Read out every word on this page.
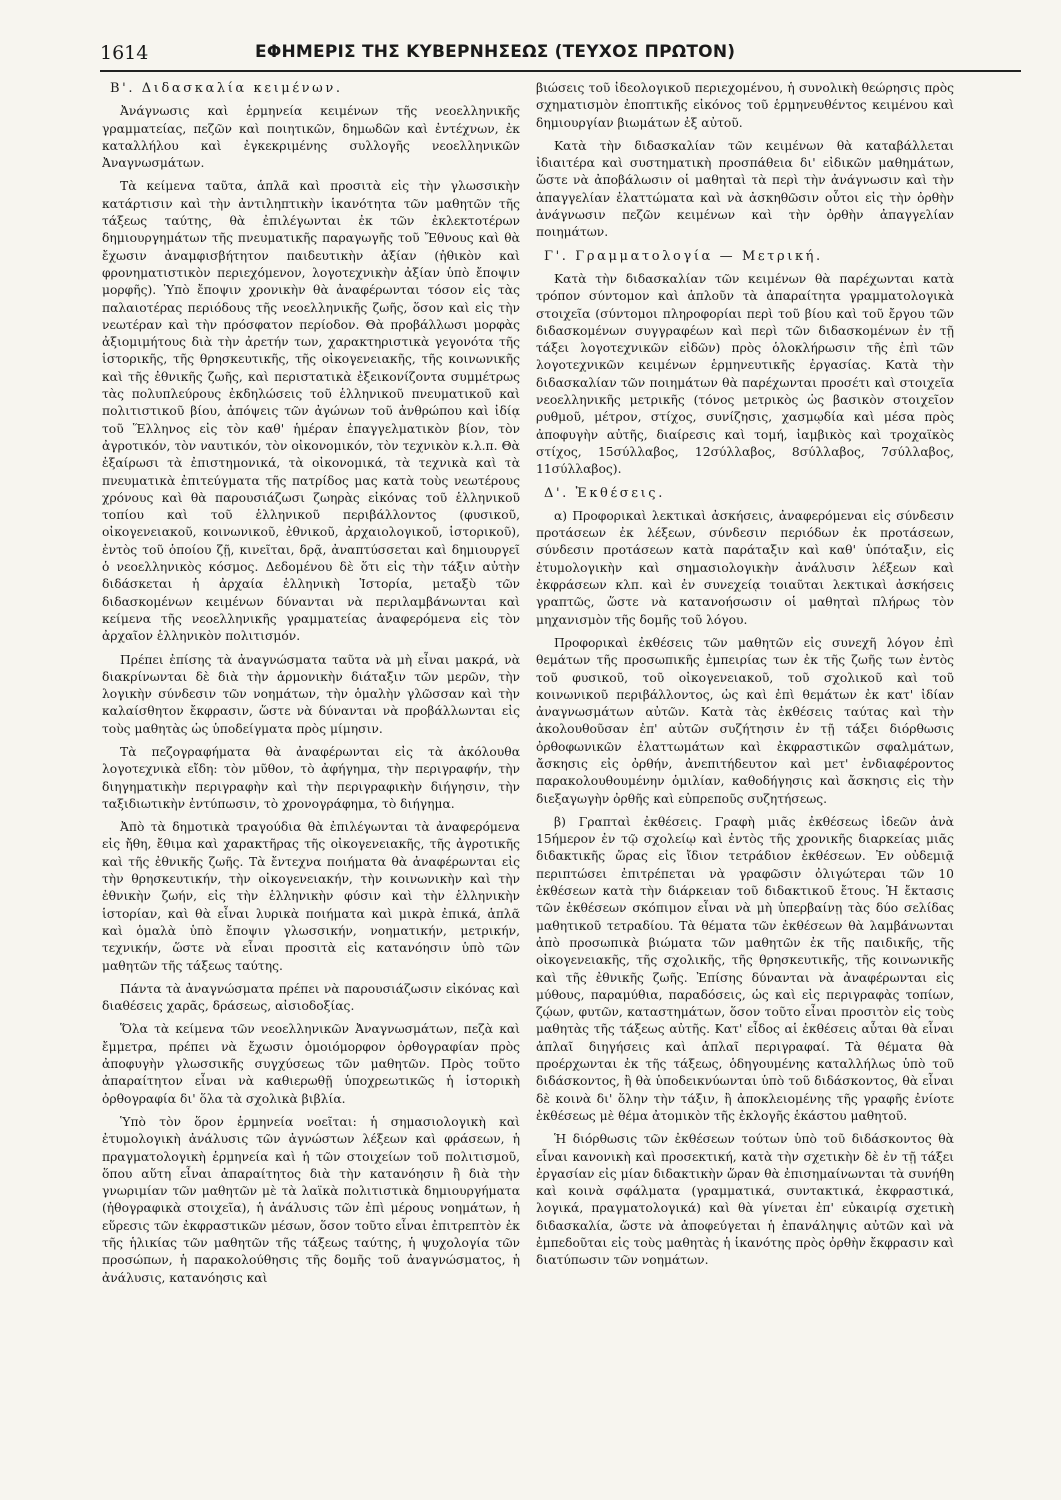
1614	ΕΦΗΜΕΡΙΣ ΤΗΣ ΚΥΒΕΡΝΗΣΕΩΣ (ΤΕΥΧΟΣ ΠΡΩΤΟΝ)
Β'. Διδασκαλία κειμένων.

Ἀνάγνωσις καὶ ἑρμηνεία κειμένων τῆς νεοελληνικῆς γραμματείας, πεζῶν καὶ ποιητικῶν, δημωδῶν καὶ ἐντέχνων, ἐκ καταλλήλου καὶ ἐγκεκριμένης συλλογῆς νεοελληνικῶν Ἀναγνωσμάτων.

Τὰ κείμενα ταῦτα, ἁπλᾶ καὶ προσιτὰ εἰς τὴν γλωσσικὴν κατάρτισιν καὶ τὴν ἀντιληπτικὴν ἱκανότητα τῶν μαθητῶν τῆς τάξεως ταύτης, θὰ ἐπιλέγωνται ἐκ τῶν ἐκλεκτοτέρων δημιουργημάτων τῆς πνευματικῆς παραγωγῆς τοῦ Ἔθνους καὶ θὰ ἔχωσιν ἀναμφισβήτητον παιδευτικὴν ἀξίαν (ἠθικὸν καὶ φρονηματιστικὸν περιεχόμενον, λογοτεχνικὴν ἀξίαν ὑπὸ ἔποψιν μορφῆς). Ὑπὸ ἔποψιν χρονικὴν θὰ ἀναφέρωνται τόσον εἰς τὰς παλαιοτέρας περιόδους τῆς νεοελληνικῆς ζωῆς, ὅσον καὶ εἰς τὴν νεωτέραν καὶ τὴν πρόσφατον περίοδον. Θὰ προβάλλωσι μορφὰς ἀξιομιμήτους διὰ τὴν ἀρετήν των, χαρακτηριστικὰ γεγονότα τῆς ἱστορικῆς, τῆς θρησκευτικῆς, τῆς οἰκογενειακῆς, τῆς κοινωνικῆς καὶ τῆς ἐθνικῆς ζωῆς, καὶ περιστατικὰ ἐξεικονίζοντα συμμέτρως τὰς πολυπλεύρους ἐκδηλώσεις τοῦ ἑλληνικοῦ πνευματικοῦ καὶ πολιτιστικοῦ βίου, ἀπόψεις τῶν ἀγώνων τοῦ ἀνθρώπου καὶ ἰδίᾳ τοῦ Ἕλληνος εἰς τὸν καθ' ἡμέραν ἐπαγγελματικὸν βίον, τὸν ἀγροτικόν, τὸν ναυτικόν, τὸν οἰκονομικόν, τὸν τεχνικὸν κ.λ.π. Θὰ ἐξαίρωσι τὰ ἐπιστημονικά, τὰ οἰκονομικά, τὰ τεχνικὰ καὶ τὰ πνευματικὰ ἐπιτεύγματα τῆς πατρίδος μας κατὰ τοὺς νεωτέρους χρόνους καὶ θὰ παρουσιάζωσι ζωηρὰς εἰκόνας τοῦ ἑλληνικοῦ τοπίου καὶ τοῦ ἑλληνικοῦ περιβάλλοντος (φυσικοῦ, οἰκογενειακοῦ, κοινωνικοῦ, ἐθνικοῦ, ἀρχαιολογικοῦ, ἱστορικοῦ), ἐντὸς τοῦ ὁποίου ζῇ, κινεῖται, δρᾷ, ἀναπτύσσεται καὶ δημιουργεῖ ὁ νεοελληνικὸς κόσμος. Δεδομένου δὲ ὅτι εἰς τὴν τάξιν αὐτὴν διδάσκεται ἡ ἀρχαία ἑλληνικὴ Ἱστορία, μεταξὺ τῶν διδασκομένων κειμένων δύνανται νὰ περιλαμβάνωνται καὶ κείμενα τῆς νεοελληνικῆς γραμματείας ἀναφερόμενα εἰς τὸν ἀρχαῖον ἑλληνικὸν πολιτισμόν.

Πρέπει ἐπίσης τὰ ἀναγνώσματα ταῦτα νὰ μὴ εἶναι μακρά, νὰ διακρίνωνται δὲ διὰ τὴν ἁρμονικὴν διάταξιν τῶν μερῶν, τὴν λογικὴν σύνδεσιν τῶν νοημάτων, τὴν ὁμαλὴν γλῶσσαν καὶ τὴν καλαίσθητον ἔκφρασιν, ὥστε νὰ δύνανται νὰ προβάλλωνται εἰς τοὺς μαθητὰς ὡς ὑποδείγματα πρὸς μίμησιν.

Τὰ πεζογραφήματα θὰ ἀναφέρωνται εἰς τὰ ἀκόλουθα λογοτεχνικὰ εἴδη: τὸν μῦθον, τὸ ἀφήγημα, τὴν περιγραφήν, τὴν διηγηματικὴν περιγραφὴν καὶ τὴν περιγραφικὴν διήγησιν, τὴν ταξιδιωτικὴν ἐντύπωσιν, τὸ χρονογράφημα, τὸ διήγημα.

Ἀπὸ τὰ δημοτικὰ τραγούδια θὰ ἐπιλέγωνται τὰ ἀναφερόμενα εἰς ἤθη, ἔθιμα καὶ χαρακτῆρας τῆς οἰκογενειακῆς, τῆς ἀγροτικῆς καὶ τῆς ἐθνικῆς ζωῆς. Τὰ ἔντεχνα ποιήματα θὰ ἀναφέρωνται εἰς τὴν θρησκευτικήν, τὴν οἰκογενειακήν, τὴν κοινωνικὴν καὶ τὴν ἐθνικὴν ζωήν, εἰς τὴν ἑλληνικὴν φύσιν καὶ τὴν ἑλληνικὴν ἱστορίαν, καὶ θὰ εἶναι λυρικὰ ποιήματα καὶ μικρὰ ἐπικά, ἁπλᾶ καὶ ὁμαλὰ ὑπὸ ἔποψιν γλωσσικήν, νοηματικήν, μετρικήν, τεχνικήν, ὥστε νὰ εἶναι προσιτὰ εἰς κατανόησιν ὑπὸ τῶν μαθητῶν τῆς τάξεως ταύτης.

Πάντα τὰ ἀναγνώσματα πρέπει νὰ παρουσιάζωσιν εἰκόνας καὶ διαθέσεις χαρᾶς, δράσεως, αἰσιοδοξίας.

Ὅλα τὰ κείμενα τῶν νεοελληνικῶν Ἀναγνωσμάτων, πεζὰ καὶ ἔμμετρα, πρέπει νὰ ἔχωσιν ὁμοιόμορφον ὀρθογραφίαν πρὸς ἀποφυγὴν γλωσσικῆς συγχύσεως τῶν μαθητῶν. Πρὸς τοῦτο ἀπαραίτητον εἶναι νὰ καθιερωθῇ ὑποχρεωτικῶς ἡ ἱστορικὴ ὀρθογραφία δι' ὅλα τὰ σχολικὰ βιβλία.

Ὑπὸ τὸν ὅρον ἑρμηνεία νοεῖται: ἡ σημασιολογικὴ καὶ ἐτυμολογικὴ ἀνάλυσις τῶν ἀγνώστων λέξεων καὶ φράσεων, ἡ πραγματολογικὴ ἑρμηνεία καὶ ἡ τῶν στοιχείων τοῦ πολιτισμοῦ, ὅπου αὕτη εἶναι ἀπαραίτητος διὰ τὴν κατανόησιν ἢ διὰ τὴν γνωριμίαν τῶν μαθητῶν μὲ τὰ λαϊκὰ πολιτιστικὰ δημιουργήματα (ἠθογραφικὰ στοιχεῖα), ἡ ἀνάλυσις τῶν ἐπὶ μέρους νοημάτων, ἡ εὕρεσις τῶν ἐκφραστικῶν μέσων, ὅσον τοῦτο εἶναι ἐπιτρεπτὸν ἐκ τῆς ἡλικίας τῶν μαθητῶν τῆς τάξεως ταύτης, ἡ ψυχολογία τῶν προσώπων, ἡ παρακολούθησις τῆς δομῆς τοῦ ἀναγνώσματος, ἡ ἀνάλυσις, κατανόησις καὶ

βιώσεις τοῦ ἰδεολογικοῦ περιεχομένου, ἡ συνολικὴ θεώρησις πρὸς σχηματισμὸν ἐποπτικῆς εἰκόνος τοῦ ἑρμηνευθέντος κειμένου καὶ δημιουργίαν βιωμάτων ἐξ αὐτοῦ.

Κατὰ τὴν διδασκαλίαν τῶν κειμένων θὰ καταβάλλεται ἰδιαιτέρα καὶ συστηματικὴ προσπάθεια δι' εἰδικῶν μαθημάτων, ὥστε νὰ ἀποβάλωσιν οἱ μαθηταὶ τὰ περὶ τὴν ἀνάγνωσιν καὶ τὴν ἀπαγγελίαν ἐλαττώματα καὶ νὰ ἀσκηθῶσιν οὗτοι εἰς τὴν ὀρθὴν ἀνάγνωσιν πεζῶν κειμένων καὶ τὴν ὀρθὴν ἀπαγγελίαν ποιημάτων.

Γ'. Γραμματολογία — Μετρική.

Κατὰ τὴν διδασκαλίαν τῶν κειμένων θὰ παρέχωνται κατὰ τρόπον σύντομον καὶ ἁπλοῦν τὰ ἀπαραίτητα γραμματολογικὰ στοιχεῖα (σύντομοι πληροφορίαι περὶ τοῦ βίου καὶ τοῦ ἔργου τῶν διδασκομένων συγγραφέων καὶ περὶ τῶν διδασκομένων ἐν τῇ τάξει λογοτεχνικῶν εἰδῶν) πρὸς ὁλοκλήρωσιν τῆς ἐπὶ τῶν λογοτεχνικῶν κειμένων ἑρμηνευτικῆς ἐργασίας. Κατὰ τὴν διδασκαλίαν τῶν ποιημάτων θὰ παρέχωνται προσέτι καὶ στοιχεῖα νεοελληνικῆς μετρικῆς (τόνος μετρικὸς ὡς βασικὸν στοιχεῖον ρυθμοῦ, μέτρον, στίχος, συνίζησις, χασμῳδία καὶ μέσα πρὸς ἀποφυγὴν αὐτῆς, διαίρεσις καὶ τομή, ἰαμβικὸς καὶ τροχαϊκὸς στίχος, 15σύλλαβος, 12σύλλαβος, 8σύλλαβος, 7σύλλαβος, 11σύλλαβος).

Δ'. Ἐκθέσεις.

α) Προφορικαὶ λεκτικαὶ ἀσκήσεις, ἀναφερόμεναι εἰς σύνδεσιν προτάσεων ἐκ λέξεων, σύνδεσιν περιόδων ἐκ προτάσεων, σύνδεσιν προτάσεων κατὰ παράταξιν καὶ καθ' ὑπόταξιν, εἰς ἐτυμολογικὴν καὶ σημασιολογικὴν ἀνάλυσιν λέξεων καὶ ἐκφράσεων κλπ. καὶ ἐν συνεχείᾳ τοιαῦται λεκτικαὶ ἀσκήσεις γραπτῶς, ὥστε νὰ κατανοήσωσιν οἱ μαθηταὶ πλήρως τὸν μηχανισμὸν τῆς δομῆς τοῦ λόγου.

Προφορικαὶ ἐκθέσεις τῶν μαθητῶν εἰς συνεχῆ λόγον ἐπὶ θεμάτων τῆς προσωπικῆς ἐμπειρίας των ἐκ τῆς ζωῆς των ἐντὸς τοῦ φυσικοῦ, τοῦ οἰκογενειακοῦ, τοῦ σχολικοῦ καὶ τοῦ κοινωνικοῦ περιβάλλοντος, ὡς καὶ ἐπὶ θεμάτων ἐκ κατ' ἰδίαν ἀναγνωσμάτων αὐτῶν. Κατὰ τὰς ἐκθέσεις ταύτας καὶ τὴν ἀκολουθοῦσαν ἐπ' αὐτῶν συζήτησιν ἐν τῇ τάξει διόρθωσις ὀρθοφωνικῶν ἐλαττωμάτων καὶ ἐκφραστικῶν σφαλμάτων, ἄσκησις εἰς ὀρθήν, ἀνεπιτήδευτον καὶ μετ' ἐνδιαφέροντος παρακολουθουμένην ὁμιλίαν, καθοδήγησις καὶ ἄσκησις εἰς τὴν διεξαγωγὴν ὀρθῆς καὶ εὐπρεποῦς συζητήσεως.

β) Γραπταὶ ἐκθέσεις. Γραφὴ μιᾶς ἐκθέσεως ἰδεῶν ἀνὰ 15ήμερον ἐν τῷ σχολείῳ καὶ ἐντὸς τῆς χρονικῆς διαρκείας μιᾶς διδακτικῆς ὥρας εἰς ἴδιον τετράδιον ἐκθέσεων. Ἐν οὐδεμιᾷ περιπτώσει ἐπιτρέπεται νὰ γραφῶσιν ὀλιγώτεραι τῶν 10 ἐκθέσεων κατὰ τὴν διάρκειαν τοῦ διδακτικοῦ ἔτους. Ἡ ἔκτασις τῶν ἐκθέσεων σκόπιμον εἶναι νὰ μὴ ὑπερβαίνῃ τὰς δύο σελίδας μαθητικοῦ τετραδίου. Τὰ θέματα τῶν ἐκθέσεων θὰ λαμβάνωνται ἀπὸ προσωπικὰ βιώματα τῶν μαθητῶν ἐκ τῆς παιδικῆς, τῆς οἰκογενειακῆς, τῆς σχολικῆς, τῆς θρησκευτικῆς, τῆς κοινωνικῆς καὶ τῆς ἐθνικῆς ζωῆς. Ἐπίσης δύνανται νὰ ἀναφέρωνται εἰς μύθους, παραμύθια, παραδόσεις, ὡς καὶ εἰς περιγραφὰς τοπίων, ζῴων, φυτῶν, καταστημάτων, ὅσον τοῦτο εἶναι προσιτὸν εἰς τοὺς μαθητὰς τῆς τάξεως αὐτῆς. Κατ' εἶδος αἱ ἐκθέσεις αὗται θὰ εἶναι ἁπλαῖ διηγήσεις καὶ ἁπλαῖ περιγραφαί. Τὰ θέματα θὰ προέρχωνται ἐκ τῆς τάξεως, ὁδηγουμένης καταλλήλως ὑπὸ τοῦ διδάσκοντος, ἢ θὰ ὑποδεικνύωνται ὑπὸ τοῦ διδάσκοντος, θὰ εἶναι δὲ κοινὰ δι' ὅλην τὴν τάξιν, ἢ ἀποκλειομένης τῆς γραφῆς ἐνίοτε ἐκθέσεως μὲ θέμα ἀτομικὸν τῆς ἐκλογῆς ἑκάστου μαθητοῦ.

Ἡ διόρθωσις τῶν ἐκθέσεων τούτων ὑπὸ τοῦ διδάσκοντος θὰ εἶναι κανονικὴ καὶ προσεκτική, κατὰ τὴν σχετικὴν δὲ ἐν τῇ τάξει ἐργασίαν εἰς μίαν διδακτικὴν ὥραν θὰ ἐπισημαίνωνται τὰ συνήθη καὶ κοινὰ σφάλματα (γραμματικά, συντακτικά, ἐκφραστικά, λογικά, πραγματολογικά) καὶ θὰ γίνεται ἐπ' εὐκαιρίᾳ σχετικὴ διδασκαλία, ὥστε νὰ ἀποφεύγεται ἡ ἐπανάληψις αὐτῶν καὶ νὰ ἐμπεδοῦται εἰς τοὺς μαθητὰς ἡ ἱκανότης πρὸς ὀρθὴν ἔκφρασιν καὶ διατύπωσιν τῶν νοημάτων.
